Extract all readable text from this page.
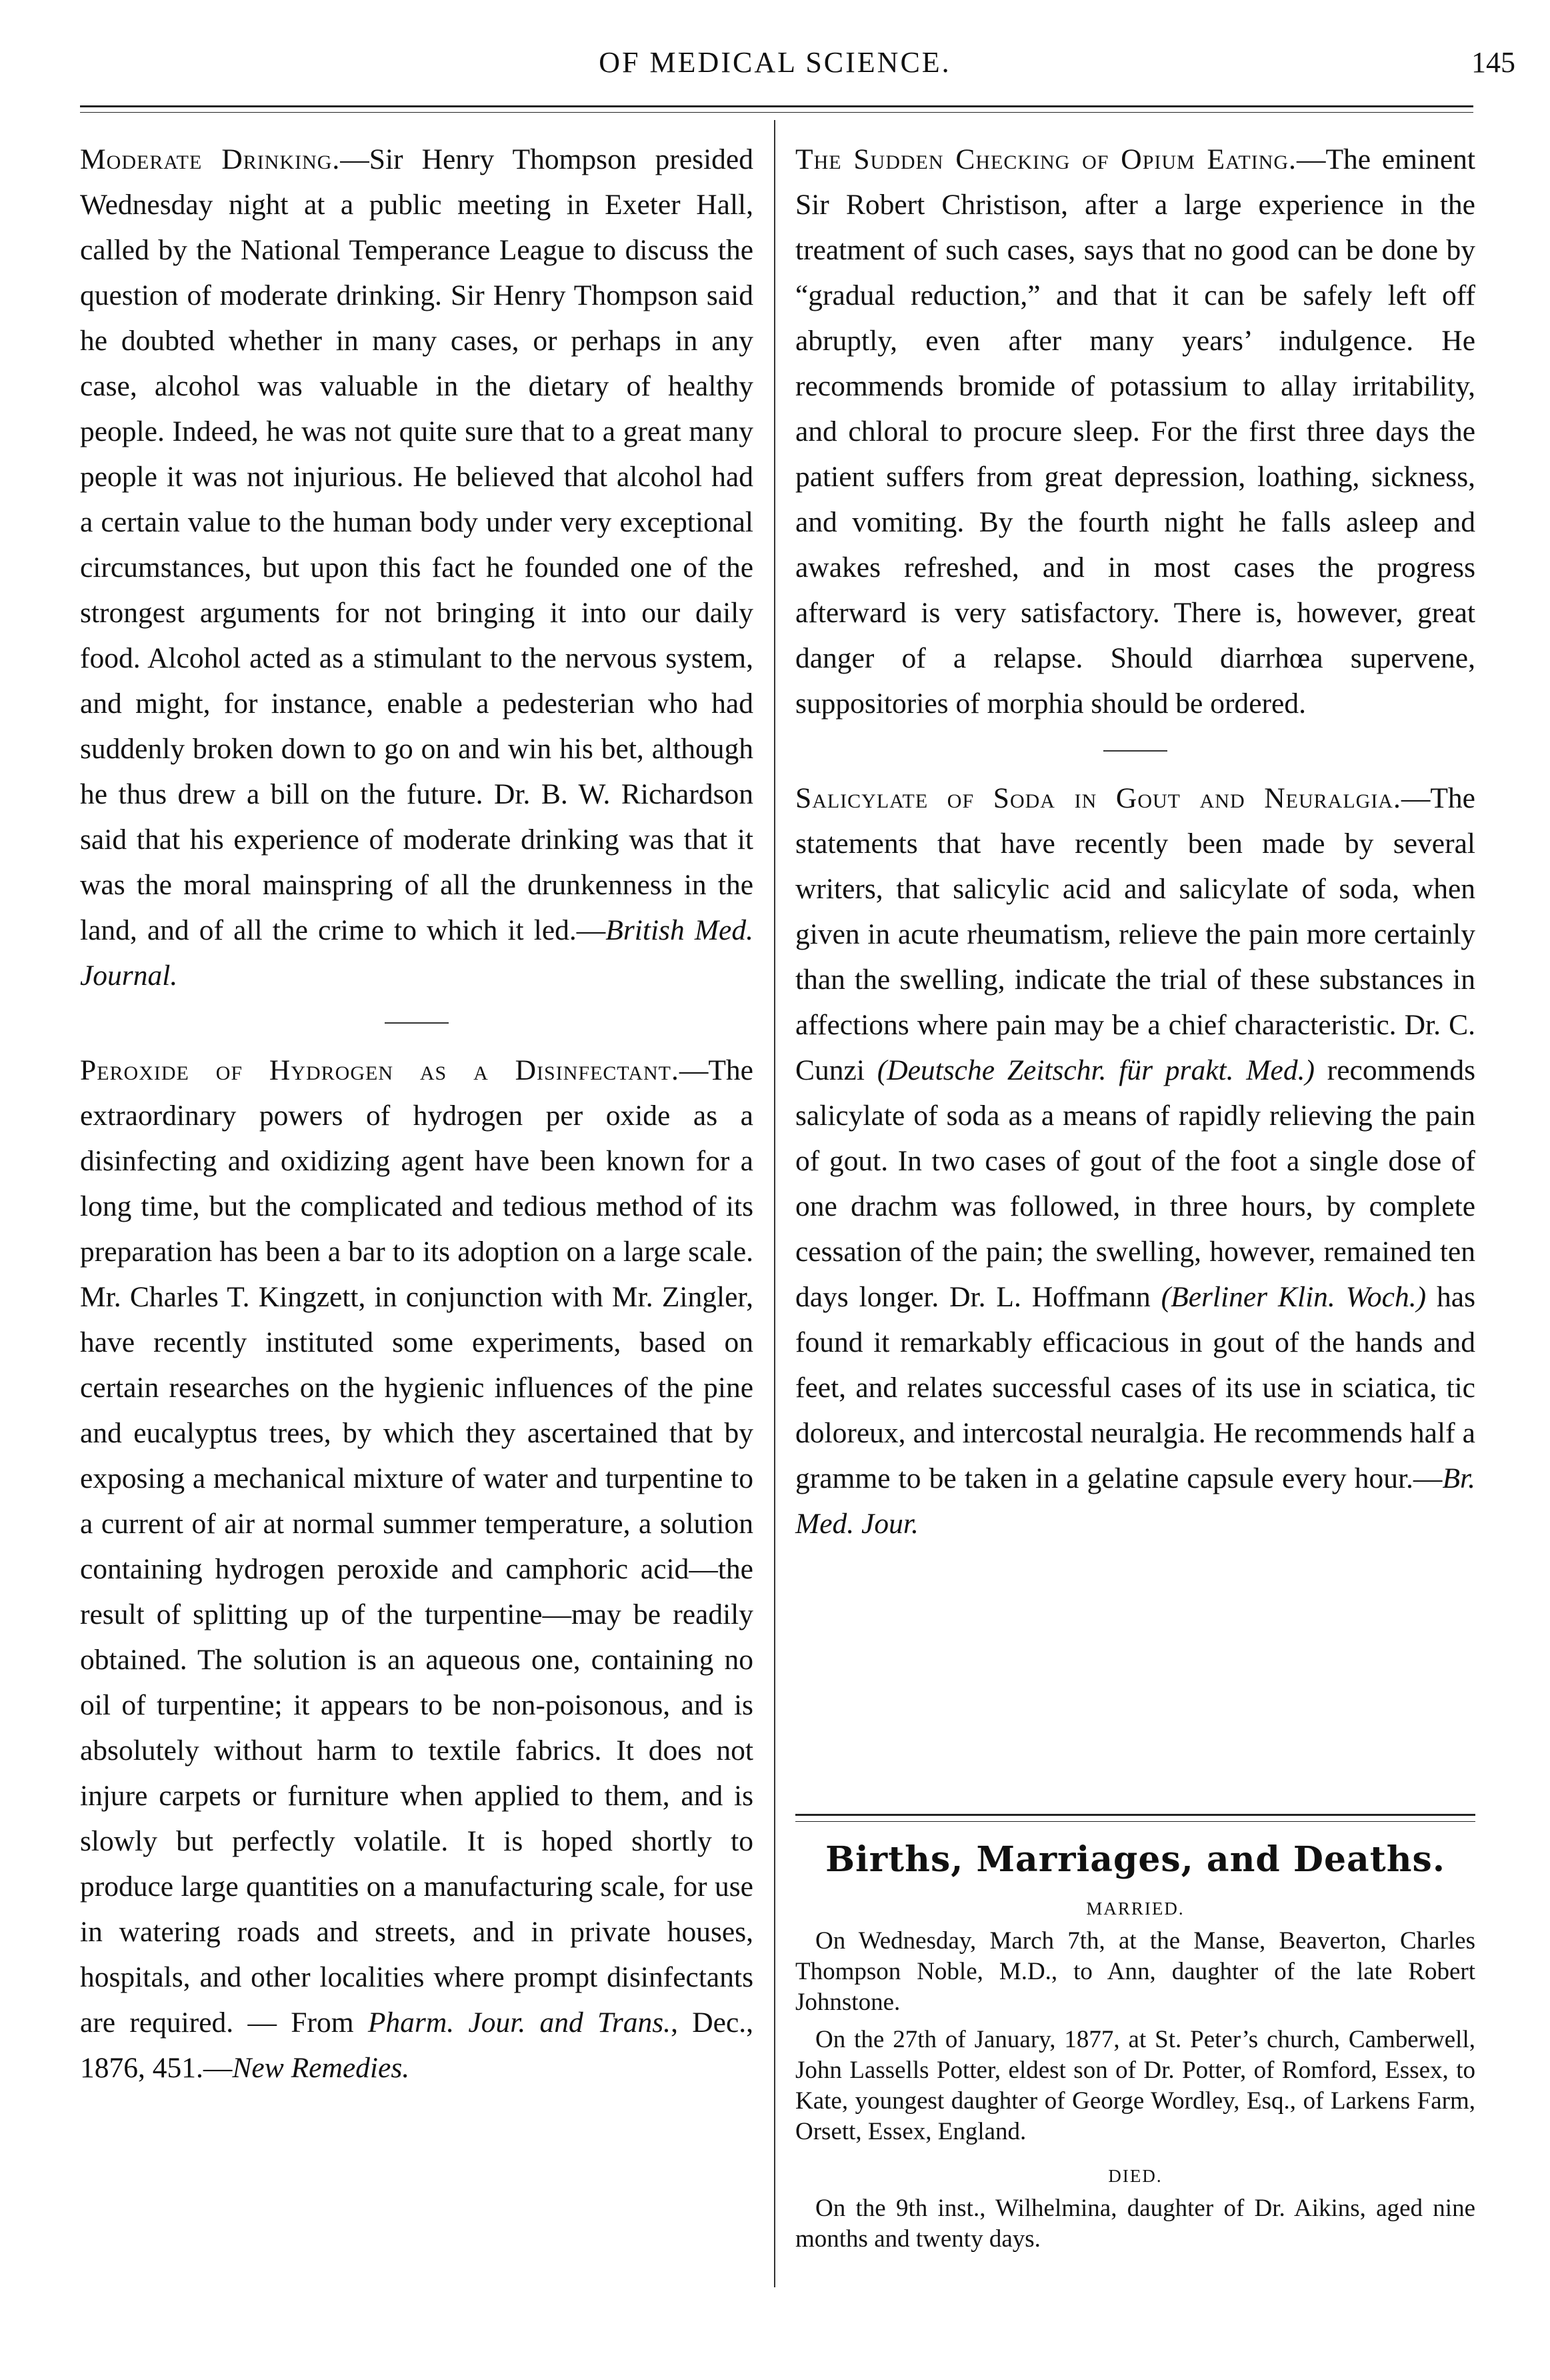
OF MEDICAL SCIENCE.	145

Moderate Drinking.—Sir Henry Thompson presided Wednesday night at a public meeting in Exeter Hall, called by the National Temperance League to discuss the question of moderate drinking. Sir Henry Thompson said he doubted whether in many cases, or perhaps in any case, alcohol was valuable in the dietary of healthy people. Indeed, he was not quite sure that to a great many people it was not injurious. He believed that alcohol had a certain value to the human body under very exceptional circumstances, but upon this fact he founded one of the strongest arguments for not bringing it into our daily food. Alcohol acted as a stimulant to the nervous system, and might, for instance, enable a pedesterian who had suddenly broken down to go on and win his bet, although he thus drew a bill on the future. Dr. B. W. Richardson said that his experience of moderate drinking was that it was the moral mainspring of all the drunkenness in the land, and of all the crime to which it led.—British Med. Journal.

Peroxide of Hydrogen as a Disinfectant.—The extraordinary powers of hydrogen per oxide as a disinfecting and oxidizing agent have been known for a long time, but the complicated and tedious method of its preparation has been a bar to its adoption on a large scale. Mr. Charles T. Kingzett, in conjunction with Mr. Zingler, have recently instituted some experiments, based on certain researches on the hygienic influences of the pine and eucalyptus trees, by which they ascertained that by exposing a mechanical mixture of water and turpentine to a current of air at normal summer temperature, a solution containing hydrogen peroxide and camphoric acid—the result of splitting up of the turpentine—may be readily obtained. The solution is an aqueous one, containing no oil of turpentine; it appears to be non-poisonous, and is absolutely without harm to textile fabrics. It does not injure carpets or furniture when applied to them, and is slowly but perfectly volatile. It is hoped shortly to produce large quantities on a manufacturing scale, for use in watering roads and streets, and in private houses, hospitals, and other localities where prompt disinfectants are required. — From Pharm. Jour. and Trans., Dec., 1876, 451.—New Remedies.

The Sudden Checking of Opium Eating.—The eminent Sir Robert Christison, after a large experience in the treatment of such cases, says that no good can be done by “gradual reduction,” and that it can be safely left off abruptly, even after many years’ indulgence. He recommends bromide of potassium to allay irritability, and chloral to procure sleep. For the first three days the patient suffers from great depression, loathing, sickness, and vomiting. By the fourth night he falls asleep and awakes refreshed, and in most cases the progress afterward is very satisfactory. There is, however, great danger of a relapse. Should diarrhœa supervene, suppositories of morphia should be ordered.

Salicylate of Soda in Gout and Neuralgia.—The statements that have recently been made by several writers, that salicylic acid and salicylate of soda, when given in acute rheumatism, relieve the pain more certainly than the swelling, indicate the trial of these substances in affections where pain may be a chief characteristic. Dr. C. Cunzi (Deutsche Zeitschr. für prakt. Med.) recommends salicylate of soda as a means of rapidly relieving the pain of gout. In two cases of gout of the foot a single dose of one drachm was followed, in three hours, by complete cessation of the pain; the swelling, however, remained ten days longer. Dr. L. Hoffmann (Berliner Klin. Woch.) has found it remarkably efficacious in gout of the hands and feet, and relates successful cases of its use in sciatica, tic doloreux, and intercostal neuralgia. He recommends half a gramme to be taken in a gelatine capsule every hour.—Br. Med. Jour.

Births, Marriages, and Deaths.
MARRIED.

On Wednesday, March 7th, at the Manse, Beaverton, Charles Thompson Noble, M.D., to Ann, daughter of the late Robert Johnstone.

On the 27th of January, 1877, at St. Peter’s church, Camberwell, John Lassells Potter, eldest son of Dr. Potter, of Romford, Essex, to Kate, youngest daughter of George Wordley, Esq., of Larkens Farm, Orsett, Essex, England.

DIED.

On the 9th inst., Wilhelmina, daughter of Dr. Aikins, aged nine months and twenty days.
